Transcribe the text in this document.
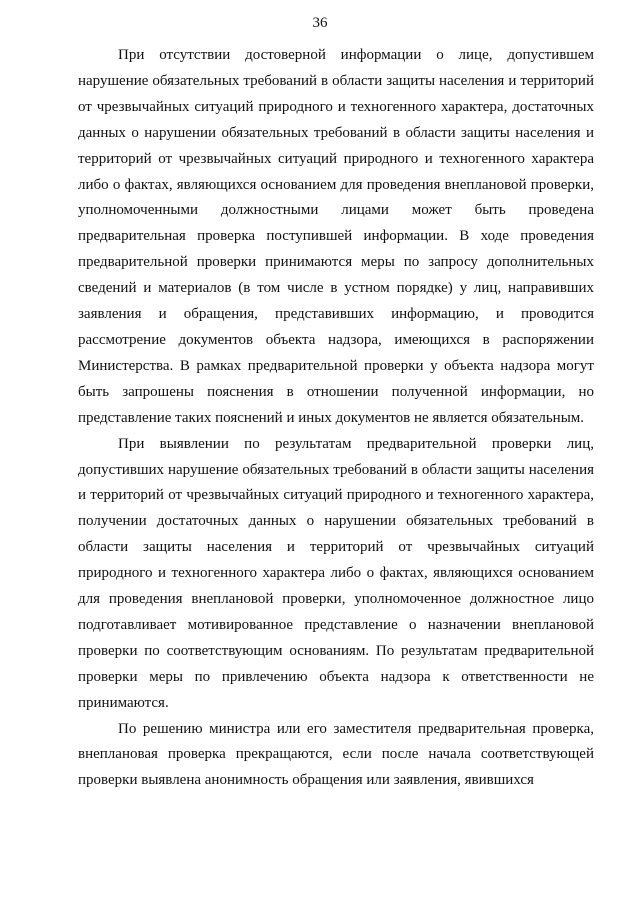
36

При отсутствии достоверной информации о лице, допустившем нарушение обязательных требований в области защиты населения и территорий от чрезвычайных ситуаций природного и техногенного характера, достаточных данных о нарушении обязательных требований в области защиты населения и территорий от чрезвычайных ситуаций природного и техногенного характера либо о фактах, являющихся основанием для проведения внеплановой проверки, уполномоченными должностными лицами может быть проведена предварительная проверка поступившей информации. В ходе проведения предварительной проверки принимаются меры по запросу дополнительных сведений и материалов (в том числе в устном порядке) у лиц, направивших заявления и обращения, представивших информацию, и проводится рассмотрение документов объекта надзора, имеющихся в распоряжении Министерства. В рамках предварительной проверки у объекта надзора могут быть запрошены пояснения в отношении полученной информации, но представление таких пояснений и иных документов не является обязательным.

При выявлении по результатам предварительной проверки лиц, допустивших нарушение обязательных требований в области защиты населения и территорий от чрезвычайных ситуаций природного и техногенного характера, получении достаточных данных о нарушении обязательных требований в области защиты населения и территорий от чрезвычайных ситуаций природного и техногенного характера либо о фактах, являющихся основанием для проведения внеплановой проверки, уполномоченное должностное лицо подготавливает мотивированное представление о назначении внеплановой проверки по соответствующим основаниям. По результатам предварительной проверки меры по привлечению объекта надзора к ответственности не принимаются.

По решению министра или его заместителя предварительная проверка, внеплановая проверка прекращаются, если после начала соответствующей проверки выявлена анонимность обращения или заявления, явившихся
